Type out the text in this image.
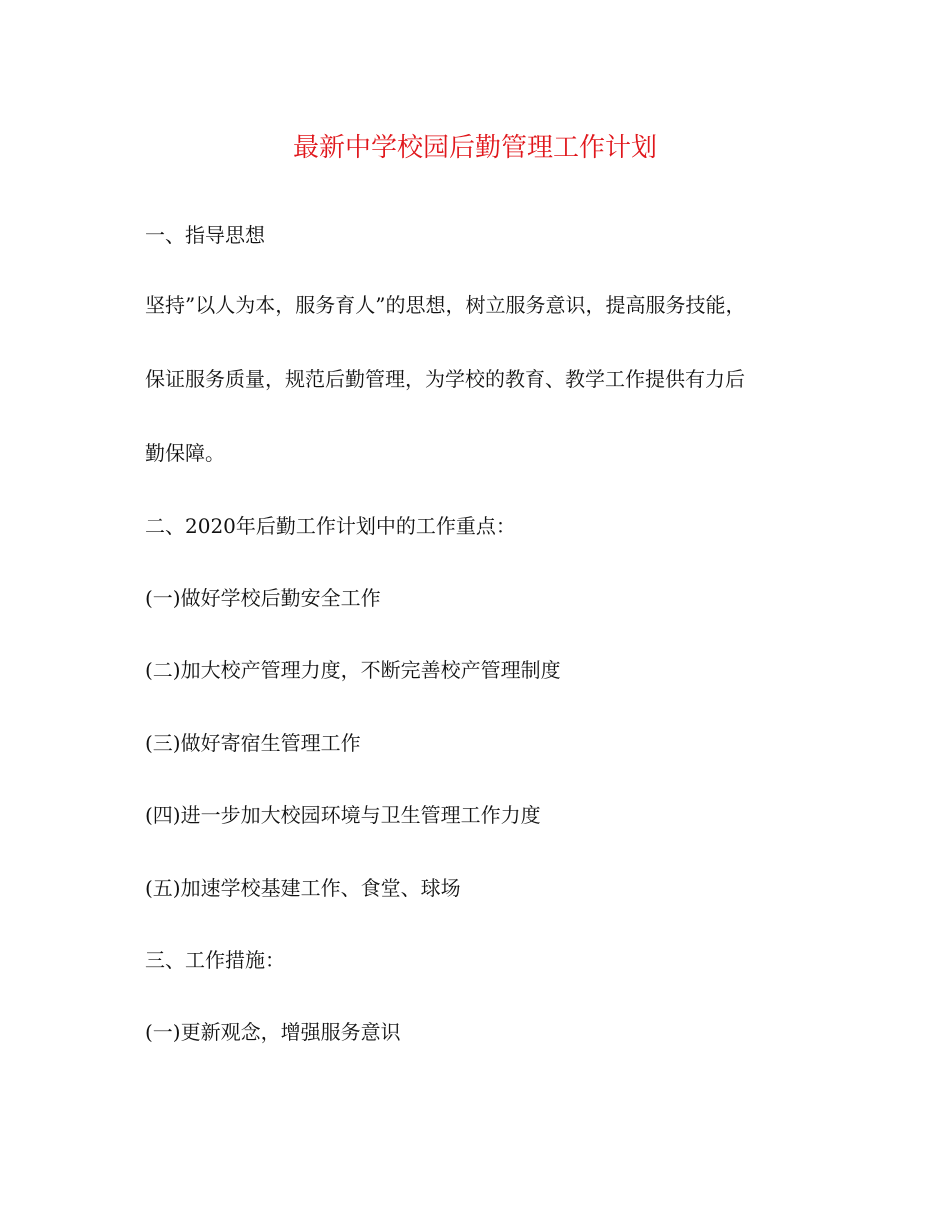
最新中学校园后勤管理工作计划
一、指导思想
坚持”以人为本，服务育人”的思想，树立服务意识，提高服务技能，
保证服务质量，规范后勤管理，为学校的教育、教学工作提供有力后
勤保障。
二、2020年后勤工作计划中的工作重点：
(一)做好学校后勤安全工作
(二)加大校产管理力度，不断完善校产管理制度
(三)做好寄宿生管理工作
(四)进一步加大校园环境与卫生管理工作力度
(五)加速学校基建工作、食堂、球场
三、工作措施：
(一)更新观念，增强服务意识
